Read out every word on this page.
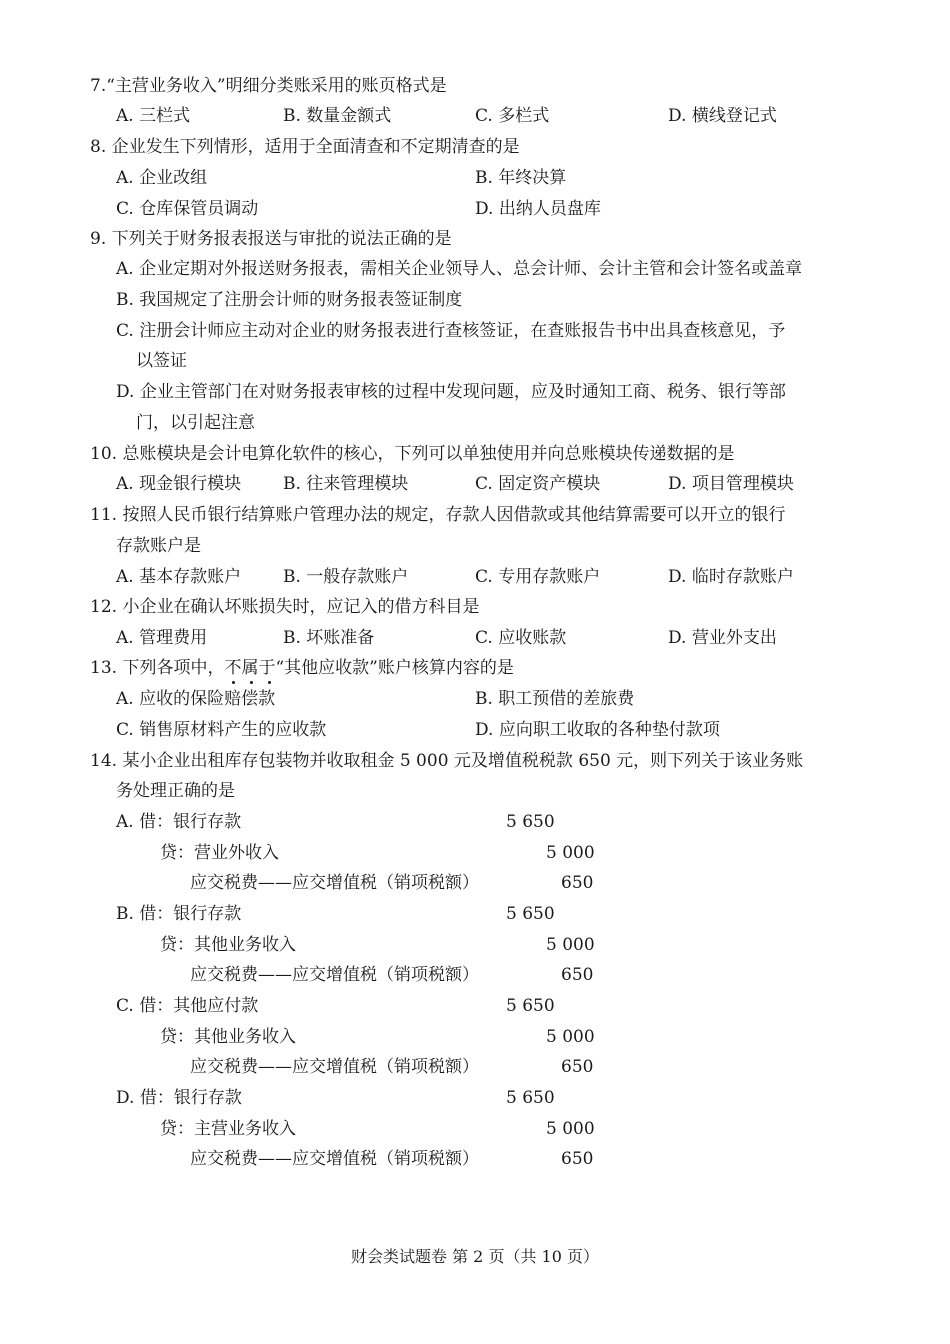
7.“主营业务收入”明细分类账采用的账页格式是
A. 三栏式	B. 数量金额式	C. 多栏式	D. 横线登记式
8. 企业发生下列情形，适用于全面清查和不定期清查的是
A. 企业改组	B. 年终决算
C. 仓库保管员调动	D. 出纳人员盘库
9. 下列关于财务报表报送与审批的说法正确的是
A. 企业定期对外报送财务报表，需相关企业领导人、总会计师、会计主管和会计签名或盖章
B. 我国规定了注册会计师的财务报表签证制度
C. 注册会计师应主动对企业的财务报表进行查核签证，在查账报告书中出具查核意见，予
以签证
D. 企业主管部门在对财务报表审核的过程中发现问题，应及时通知工商、税务、银行等部
门，以引起注意
10. 总账模块是会计电算化软件的核心，下列可以单独使用并向总账模块传递数据的是
A. 现金银行模块 B. 往来管理模块	C. 固定资产模块	D. 项目管理模块
11. 按照人民币银行结算账户管理办法的规定，存款人因借款或其他结算需要可以开立的银行
存款账户是
A. 基本存款账户 B. 一般存款账户	C. 专用存款账户	D. 临时存款账户
12. 小企业在确认坏账损失时，应记入的借方科目是
A. 管理费用	B. 坏账准备	C. 应收账款	D. 营业外支出
13. 下列各项中，不属于“其他应收款”账户核算内容的是
A. 应收的保险赔偿款	B. 职工预借的差旅费
C. 销售原材料产生的应收款	D. 应向职工收取的各种垫付款项
14. 某小企业出租库存包装物并收取租金 5 000 元及增值税税款 650 元，则下列关于该业务账
务处理正确的是
A. 借：银行存款	5 650
贷：营业外收入	5 000
应交税费——应交增值税（销项税额）	650
B. 借：银行存款	5 650
贷：其他业务收入	5 000
应交税费——应交增值税（销项税额）	650
C. 借：其他应付款	5 650
贷：其他业务收入	5 000
应交税费——应交增值税（销项税额）	650
D. 借：银行存款	5 650
贷：主营业务收入	5 000
应交税费——应交增值税（销项税额）	650
财会类试题卷 第 2 页（共 10 页）
